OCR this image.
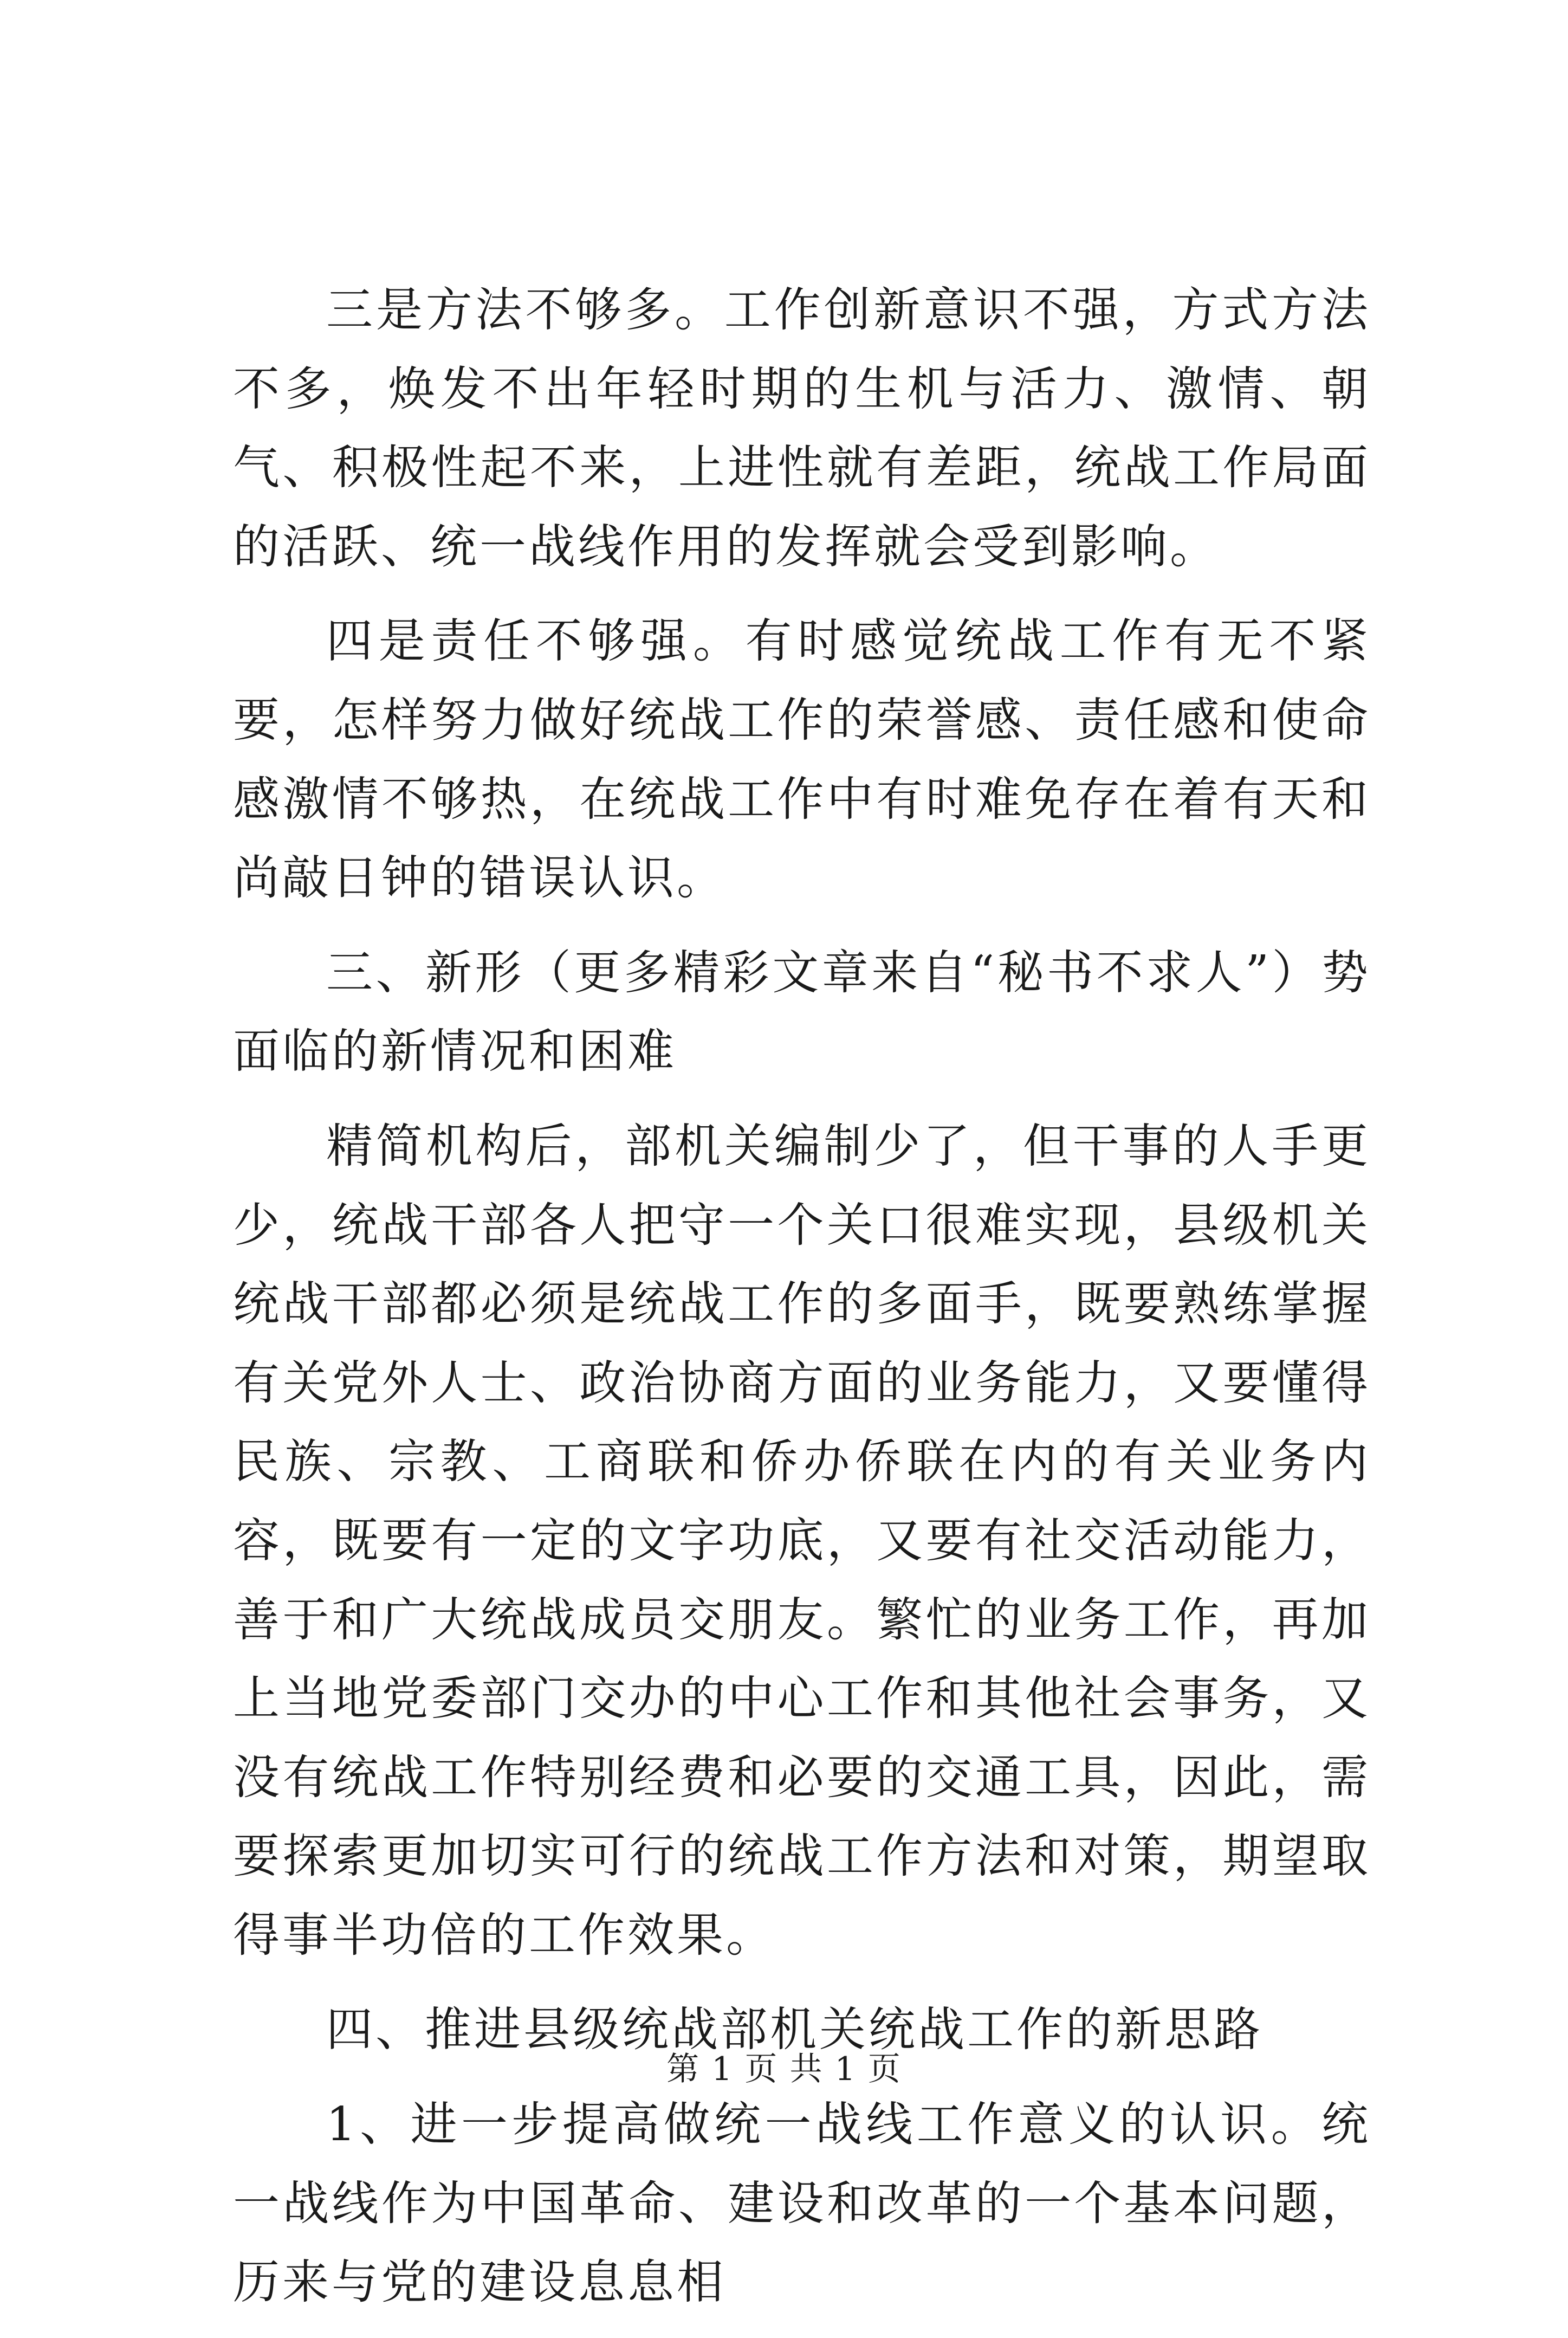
三是方法不够多。工作创新意识不强，方式方法不多，焕发不出年轻时期的生机与活力、激情、朝气、积极性起不来，上进性就有差距，统战工作局面的活跃、统一战线作用的发挥就会受到影响。

四是责任不够强。有时感觉统战工作有无不紧要，怎样努力做好统战工作的荣誉感、责任感和使命感激情不够热，在统战工作中有时难免存在着有天和尚敲日钟的错误认识。

三、新形（更多精彩文章来自“秘书不求人”）势面临的新情况和困难

精简机构后，部机关编制少了，但干事的人手更少，统战干部各人把守一个关口很难实现，县级机关统战干部都必须是统战工作的多面手，既要熟练掌握有关党外人士、政治协商方面的业务能力，又要懂得民族、宗教、工商联和侨办侨联在内的有关业务内容，既要有一定的文字功底，又要有社交活动能力，善于和广大统战成员交朋友。繁忙的业务工作，再加上当地党委部门交办的中心工作和其他社会事务，又没有统战工作特别经费和必要的交通工具，因此，需要探索更加切实可行的统战工作方法和对策，期望取得事半功倍的工作效果。

四、推进县级统战部机关统战工作的新思路

1、进一步提高做统一战线工作意义的认识。统一战线作为中国革命、建设和改革的一个基本问题，历来与党的建设息息相

第 1 页 共 1 页
